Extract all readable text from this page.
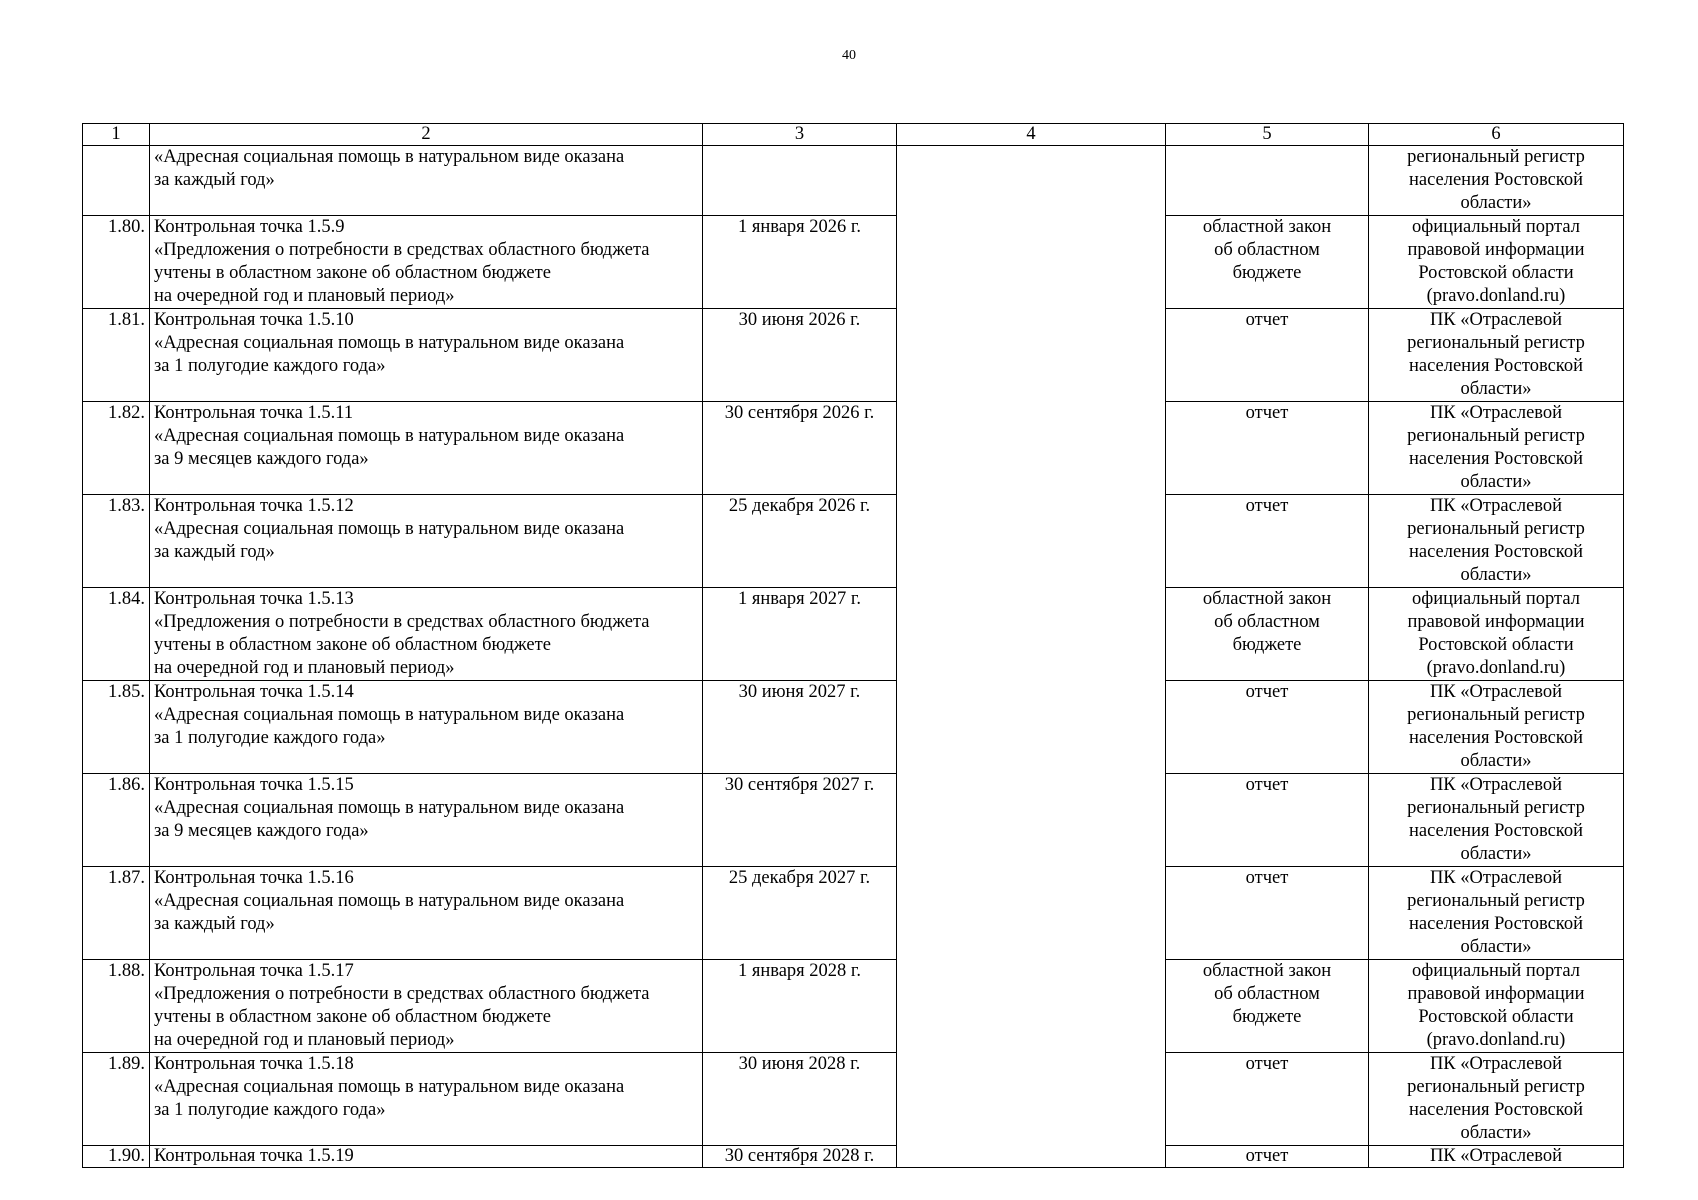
40
1	2	3	4	5	6

	«Адресная социальная помощь в натуральном виде оказана
за каждый год»				региональный регистр
населения Ростовской
области»

1.80.	Контрольная точка 1.5.9
«Предложения о потребности в средствах областного бюджета
учтены в областном законе об областном бюджете
на очередной год и плановый период»	1 января 2026 г.		областной закон
об областном
бюджете	официальный портал
правовой информации
Ростовской области
(pravo.donland.ru)

1.81.	Контрольная точка 1.5.10
«Адресная социальная помощь в натуральном виде оказана
за 1 полугодие каждого года»	30 июня 2026 г.		отчет	ПК «Отраслевой
региональный регистр
населения Ростовской
области»

1.82.	Контрольная точка 1.5.11
«Адресная социальная помощь в натуральном виде оказана
за 9 месяцев каждого года»	30 сентября 2026 г.		отчет	ПК «Отраслевой
региональный регистр
населения Ростовской
области»

1.83.	Контрольная точка 1.5.12
«Адресная социальная помощь в натуральном виде оказана
за каждый год»	25 декабря 2026 г.		отчет	ПК «Отраслевой
региональный регистр
населения Ростовской
области»

1.84.	Контрольная точка 1.5.13
«Предложения о потребности в средствах областного бюджета
учтены в областном законе об областном бюджете
на очередной год и плановый период»	1 января 2027 г.		областной закон
об областном
бюджете	официальный портал
правовой информации
Ростовской области
(pravo.donland.ru)

1.85.	Контрольная точка 1.5.14
«Адресная социальная помощь в натуральном виде оказана
за 1 полугодие каждого года»	30 июня 2027 г.		отчет	ПК «Отраслевой
региональный регистр
населения Ростовской
области»

1.86.	Контрольная точка 1.5.15
«Адресная социальная помощь в натуральном виде оказана
за 9 месяцев каждого года»	30 сентября 2027 г.		отчет	ПК «Отраслевой
региональный регистр
населения Ростовской
области»

1.87.	Контрольная точка 1.5.16
«Адресная социальная помощь в натуральном виде оказана
за каждый год»	25 декабря 2027 г.		отчет	ПК «Отраслевой
региональный регистр
населения Ростовской
области»

1.88.	Контрольная точка 1.5.17
«Предложения о потребности в средствах областного бюджета
учтены в областном законе об областном бюджете
на очередной год и плановый период»	1 января 2028 г.		областной закон
об областном
бюджете	официальный портал
правовой информации
Ростовской области
(pravo.donland.ru)

1.89.	Контрольная точка 1.5.18
«Адресная социальная помощь в натуральном виде оказана
за 1 полугодие каждого года»	30 июня 2028 г.		отчет	ПК «Отраслевой
региональный регистр
населения Ростовской
области»

1.90.	Контрольная точка 1.5.19	30 сентября 2028 г.		отчет	ПК «Отраслевой
